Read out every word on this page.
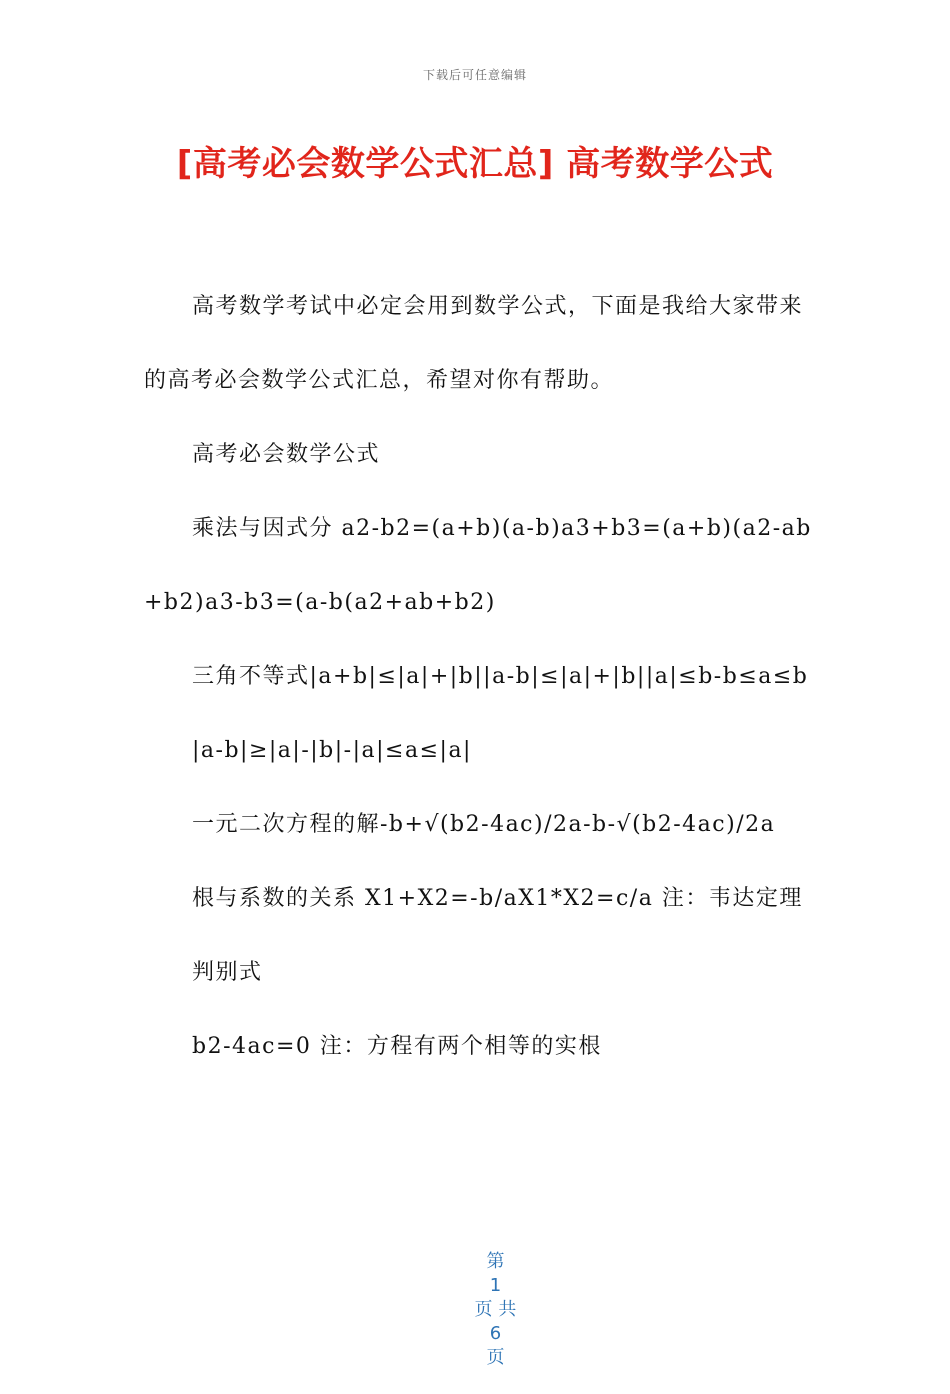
下载后可任意编辑
[高考必会数学公式汇总] 高考数学公式

高考数学考试中必定会用到数学公式，下面是我给大家带来的高考必会数学公式汇总，希望对你有帮助。

高考必会数学公式

乘法与因式分 a2-b2=(a+b)(a-b)a3+b3=(a+b)(a2-ab+b2)a3-b3=(a-b(a2+ab+b2)

三角不等式|a+b|≤|a|+|b||a-b|≤|a|+|b||a|≤b-b≤a≤b

|a-b|≥|a|-|b|-|a|≤a≤|a|

一元二次方程的解-b+√(b2-4ac)/2a-b-√(b2-4ac)/2a

根与系数的关系 X1+X2=-b/aX1*X2=c/a 注：韦达定理

判别式

b2-4ac=0 注：方程有两个相等的实根

第
1
页共
6
页
